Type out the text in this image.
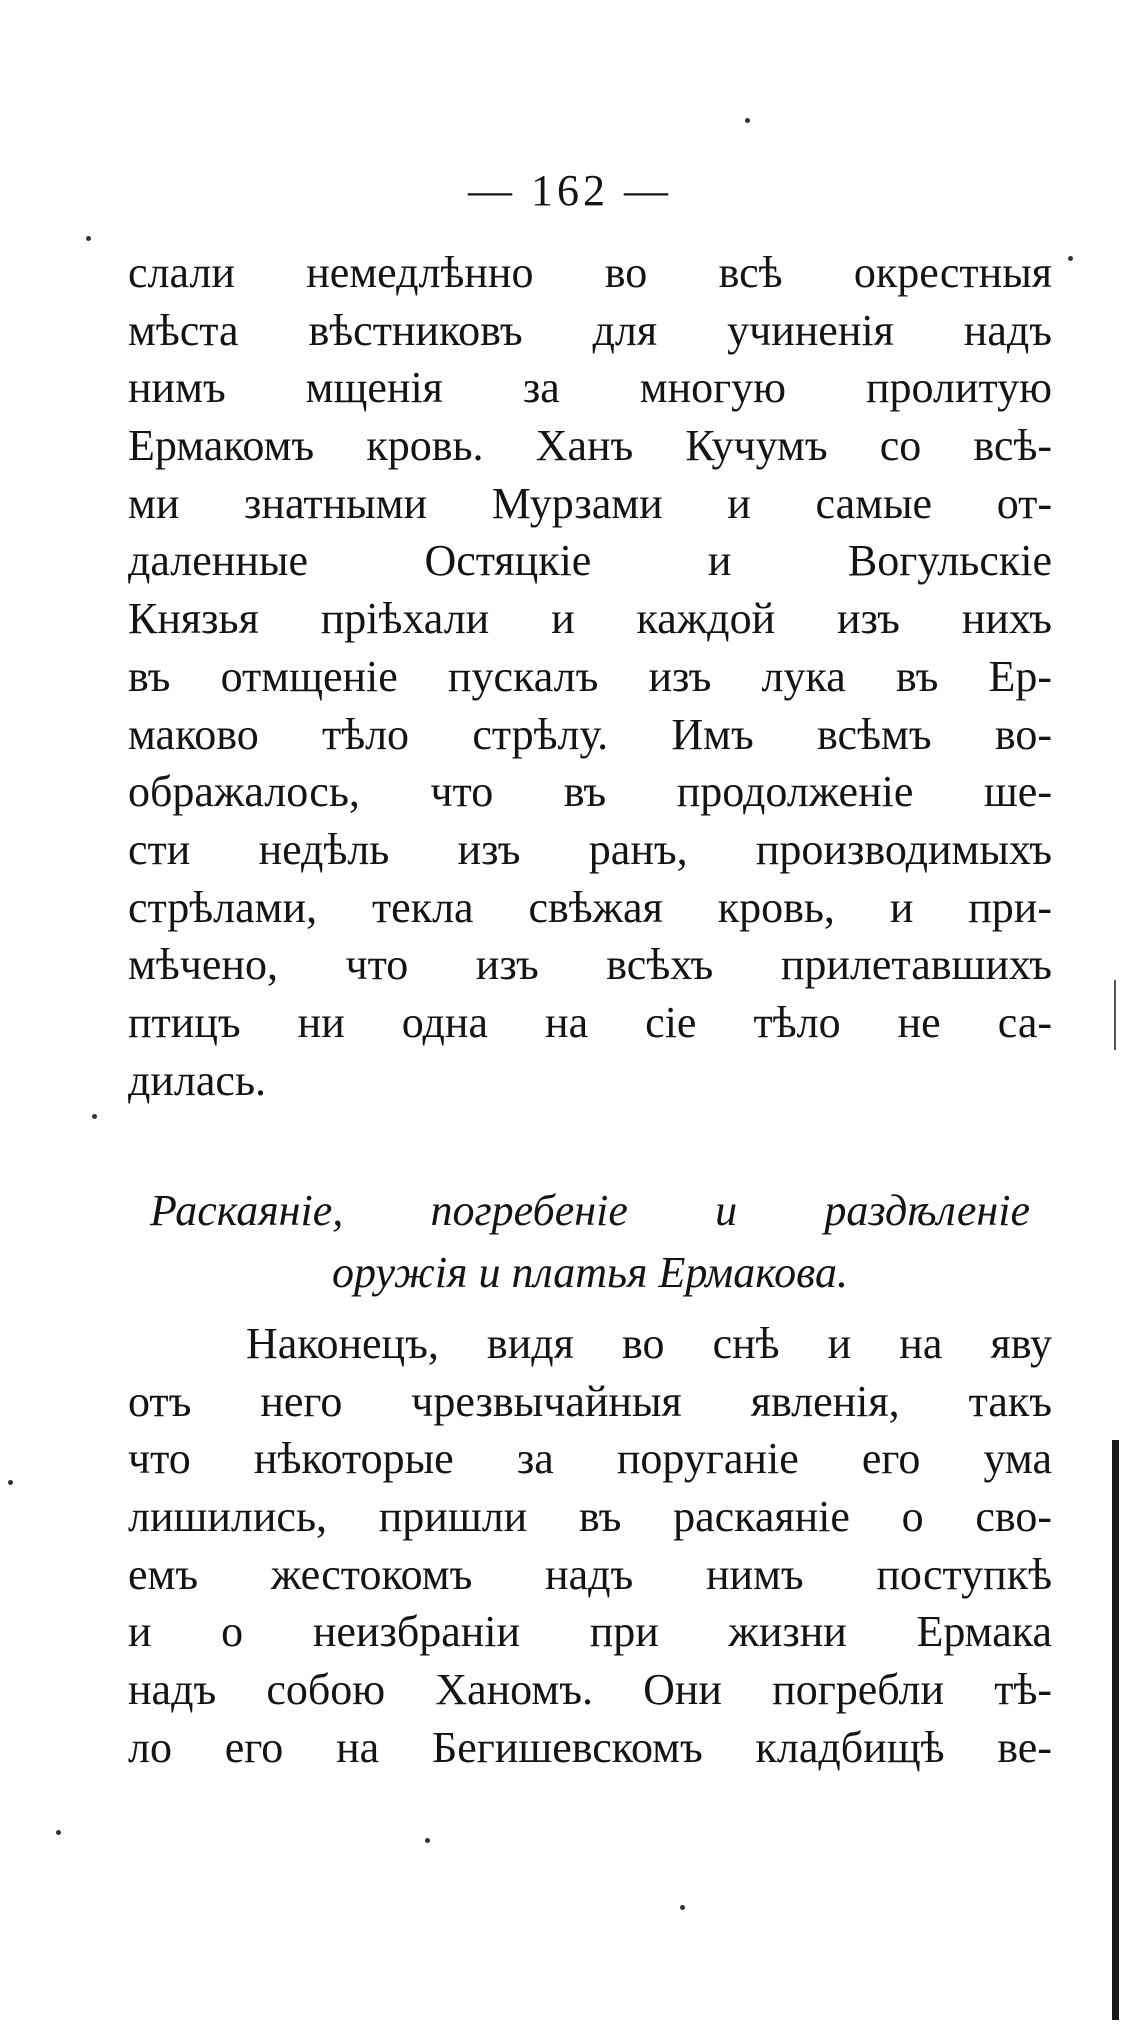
— 162 —
слали немедлѣнно во всѣ окрестныя
мѣста вѣстниковъ для учиненія надъ
нимъ мщенія за многую пролитую
Ермакомъ кровь. Ханъ Кучумъ со всѣ-
ми знатными Мурзами и самые от-
даленные Остяцкіе и Вогульскіе
Князья пріѣхали и каждой изъ нихъ
въ отмщеніе пускалъ изъ лука въ Ер-
маково тѣло стрѣлу. Имъ всѣмъ во-
ображалось, что въ продолженіе ше-
сти недѣль изъ ранъ, производимыхъ
стрѣлами, текла свѣжая кровь, и при-
мѣчено, что изъ всѣхъ прилетавшихъ
птицъ ни одна на сіе тѣло не са-
дилась.
Раскаяніе, погребеніе и раздѣленіе
оружія и платья Ермакова.
Наконецъ, видя во снѣ и на яву
отъ него чрезвычайныя явленія, такъ
что нѣкоторые за поруганіе его ума
лишились, пришли въ раскаяніе о сво-
емъ жестокомъ надъ нимъ поступкѣ
и о неизбраніи при жизни Ермака
надъ собою Ханомъ. Они погребли тѣ-
ло его на Бегишевскомъ кладбищѣ ве-
